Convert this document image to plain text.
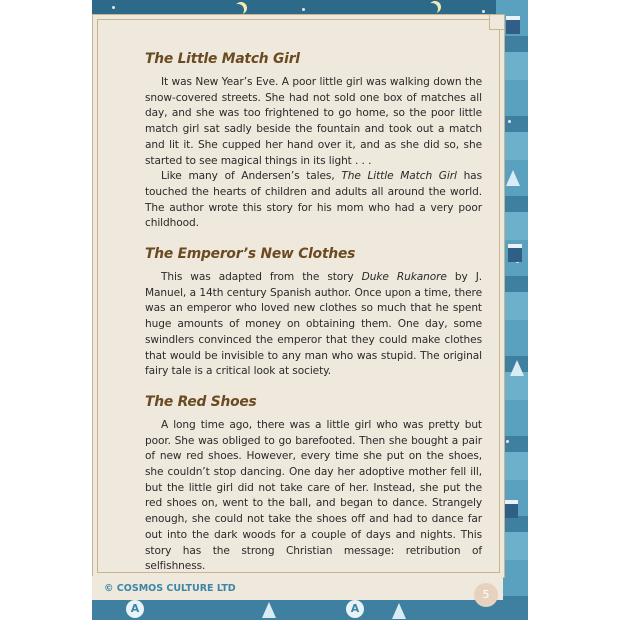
A	A
The Little Match Girl

It was New Year’s Eve. A poor little girl was walking down the snow-covered streets. She had not sold one box of matches all day, and she was too frightened to go home, so the poor little match girl sat sadly beside the fountain and took out a match and lit it. She cupped her hand over it, and as she did so, she started to see magical things in its light . . .

Like many of Andersen’s tales, The Little Match Girl has touched the hearts of children and adults all around the world. The author wrote this story for his mom who had a very poor childhood.

The Emperor’s New Clothes

This was adapted from the story Duke Rukanore by J. Manuel, a 14th century Spanish author. Once upon a time, there was an emperor who loved new clothes so much that he spent huge amounts of money on obtaining them. One day, some swindlers convinced the emperor that they could make clothes that would be invisible to any man who was stupid. The original fairy tale is a critical look at society.

The Red Shoes

A long time ago, there was a little girl who was pretty but poor. She was obliged to go barefooted. Then she bought a pair of new red shoes. However, every time she put on the shoes, she couldn’t stop dancing. One day her adoptive mother fell ill, but the little girl did not take care of her. Instead, she put the red shoes on, went to the ball, and began to dance. Strangely enough, she could not take the shoes off and had to dance far out into the dark woods for a couple of days and nights. This story has the strong Christian message: retribution of selfishness.

© COSMOS CULTURE LTD	5
